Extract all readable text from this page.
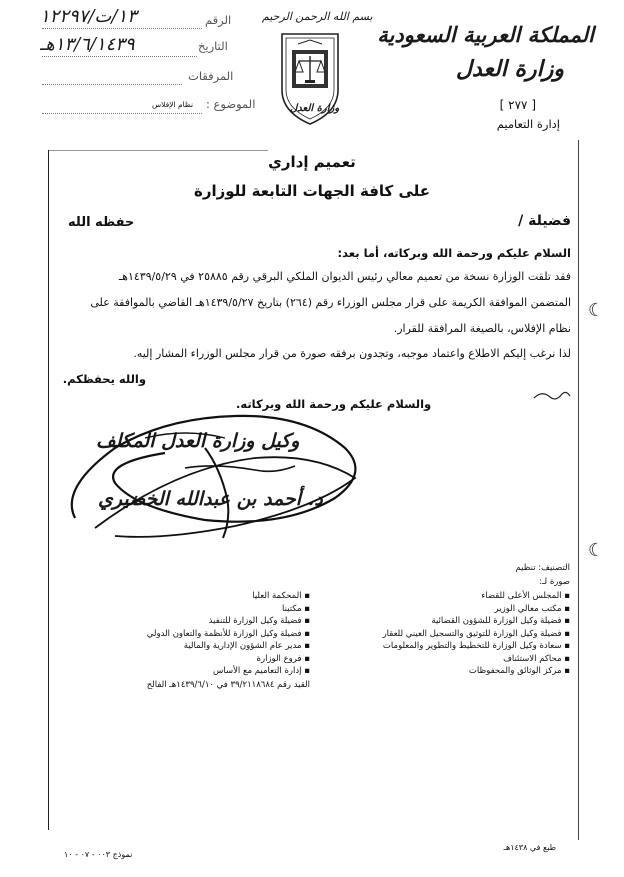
☾
☾
المملكة العربية السعودية
وزارة العدل
[ ٢٧٧ ]
إدارة التعاميم
بسم الله الرحمن الرحيم
وزارة العدل
الرقم
١٣/ت/١٢٢٩٧
التاريخ
١٣/٦/١٤٣٩هـ
المرفقات
الموضوع :
نظام الإفلاس
تعميم إداري
على كافة الجهات التابعة للوزارة
فضيلة /
حفظه الله
السلام عليكم ورحمة الله وبركاته، أما بعد:
فقد تلقت الوزارة نسخة من تعميم معالي رئيس الديوان الملكي البرقي رقم ٢٥٨٨٥ في ١٤٣٩/٥/٢٩هـ
المتضمن الموافقة الكريمة على قرار مجلس الوزراء رقم (٢٦٤) بتاريخ ١٤٣٩/٥/٢٧هـ القاضي بالموافقة على
نظام الإفلاس، بالصيغة المرافقة للقرار.
لذا نرغب إليكم الاطلاع واعتماد موجبه، وتجدون برفقه صورة من قرار مجلس الوزراء المشار إليه.
والله يحفظكم.
والسلام عليكم ورحمة الله وبركاته.
وكيل وزارة العدل المكلف
د. أحمد بن عبدالله الخضيري
التصنيف: تنظيم
صورة لـ:
▪ المجلس الأعلى للقضاء
▪ مكتب معالي الوزير
▪ فضيلة وكيل الوزارة للشؤون القضائية
▪ فضيلة وكيل الوزارة للتوثيق والتسجيل العيني للعقار
▪ سعادة وكيل الوزارة للتخطيط والتطوير والمعلومات
▪ محاكم الاستئناف
▪ مركز الوثائق والمحفوظات
▪ المحكمة العليا
▪ مكتبنا
▪ فضيلة وكيل الوزارة للتنفيذ
▪ فضيلة وكيل الوزارة للأنظمة والتعاون الدولي
▪ مدير عام الشؤون الإدارية والمالية
▪ فروع الوزارة
▪ إدارة التعاميم مع الأساس
القيد رقم ٣٩/٢١١٨٦٨٤ في ١٤٣٩/٦/١٠هـ الفالح
طبع في ١٤٣٨هـ
نموذج ٠٠٣ - ٠٧ - ١٠
